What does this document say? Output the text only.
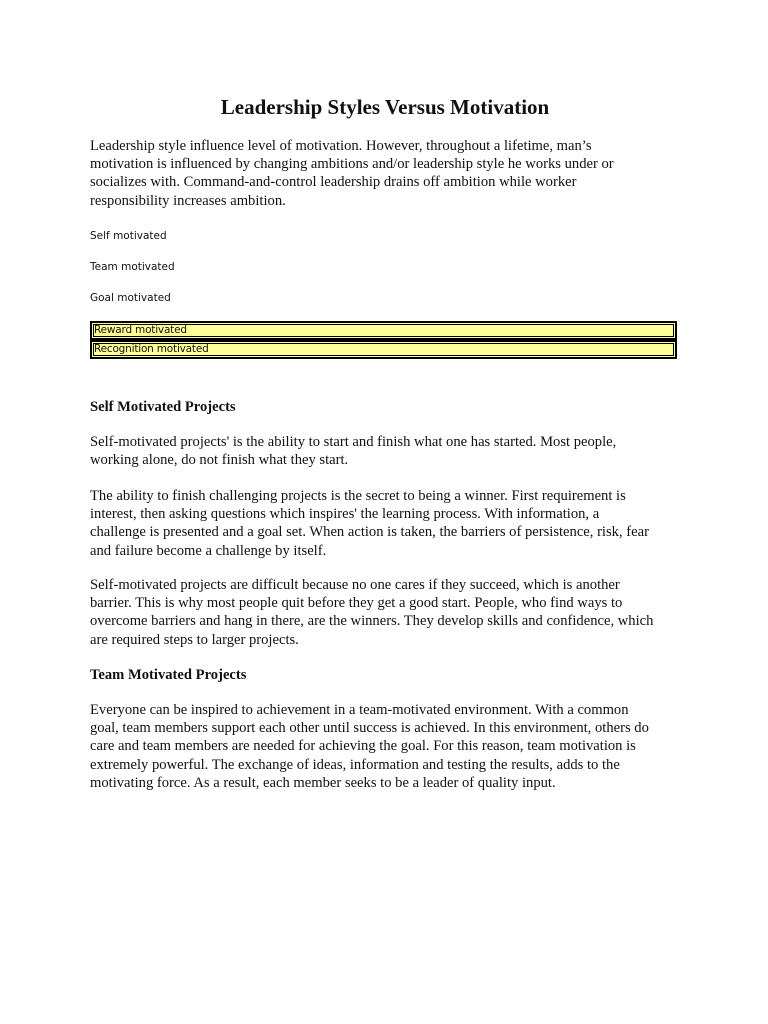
Leadership Styles Versus Motivation
Leadership style influence level of motivation. However, throughout a lifetime, man’s
motivation is influenced by changing ambitions and/or leadership style he works under or
socializes with. Command-and-control leadership drains off ambition while worker
responsibility increases ambition.
Self motivated
Team motivated
Goal motivated
Reward motivated
Recognition motivated
Self Motivated Projects
Self-motivated projects' is the ability to start and finish what one has started. Most people,
working alone, do not finish what they start.
The ability to finish challenging projects is the secret to being a winner. First requirement is
interest, then asking questions which inspires' the learning process. With information, a
challenge is presented and a goal set. When action is taken, the barriers of persistence, risk, fear
and failure become a challenge by itself.
Self-motivated projects are difficult because no one cares if they succeed, which is another
barrier. This is why most people quit before they get a good start. People, who find ways to
overcome barriers and hang in there, are the winners. They develop skills and confidence, which
are required steps to larger projects.
Team Motivated Projects
Everyone can be inspired to achievement in a team-motivated environment. With a common
goal, team members support each other until success is achieved. In this environment, others do
care and team members are needed for achieving the goal. For this reason, team motivation is
extremely powerful. The exchange of ideas, information and testing the results, adds to the
motivating force. As a result, each member seeks to be a leader of quality input.
